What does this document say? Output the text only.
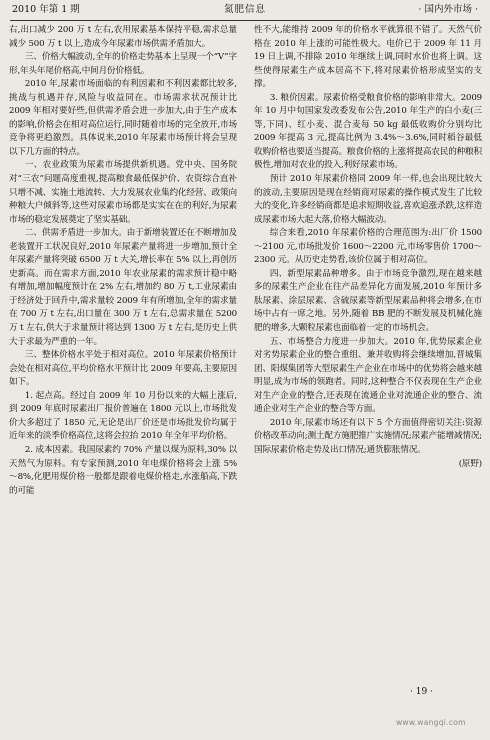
2010 年第 1 期	氮肥信息	· 国内外市场 ·

右,出口减少 200 万 t 左右,农用尿素基本保持平稳,需求总量减少 500 万 t 以上,造成今年尿素市场供需矛盾加大。

三、价格大幅波动,全年的价格走势基本上呈现一个“V”字形,年头年尾价格高,中间月份价格低。

2010 年,尿素市场面临的有利因素和不利因素都比较多,挑战与机遇并存,风险与收益同在。市场需求状况预计比 2009 年相对要好些,但供需矛盾会进一步加大,由于生产成本的影响,价格会在相对高位运行,同时随着市场的完全放开,市场竞争将更趋激烈。具体说来,2010 年尿素市场预计将会呈现以下几方面的特点。

一、农业政策为尿素市场提供新机遇。党中央、国务院对“三农”问题高度重视,提高粮食最低保护价、农资综合直补只增不减、实施土地流转、大力发展农业集约化经营、政策向种粮大户倾斜等,这些对尿素市场都是实实在在的利好,为尿素市场的稳定发展奠定了坚实基础。

二、供需矛盾进一步加大。由于新增装置还在不断增加及老装置开工状况良好,2010 年尿素产量将进一步增加,预计全年尿素产量将突破 6500 万 t 大关,增长率在 5% 以上,再创历史新高。而在需求方面,2010 年农业尿素的需求预计稳中略有增加,增加幅度预计在 2% 左右,增加约 80 万 t,工业尿素由于经济处于回升中,需求量较 2009 年有所增加,全年的需求量在 700 万 t 左右,出口量在 300 万 t 左右,总需求量在 5200 万 t 左右,供大于求量预计将达到 1300 万 t 左右,是历史上供大于求最为严重的一年。

三、整体价格水平处于相对高位。2010 年尿素价格预计会处在相对高位,平均价格水平预计比 2009 年要高,主要原因如下。

1. 起点高。经过自 2009 年 10 月份以来的大幅上涨后,到 2009 年底时尿素出厂报价普遍在 1800 元以上,市场批发价大多超过了 1850 元,无论是出厂价还是市场批发价均属于近年来的淡季价格高位,这将会拉抬 2010 年全年平均价格。

2. 成本因素。我国尿素约 70% 产量以煤为原料,30% 以天然气为原料。有专家预测,2010 年电煤价格将会上涨 5%～8%,化肥用煤价格一般都是跟着电煤价格走,水涨船高,下跌的可能

性不大,能维持 2009 年的价格水平就算很不错了。天然气价格在 2010 年上涨的可能性极大。电价已于 2009 年 11 月 19 日上调,不排除 2010 年继续上调,同时水价也将上调。这些使得尿素生产成本居高不下,将对尿素价格形成坚实的支撑。

3. 粮价因素。尿素价格受粮食价格的影响非常大。2009 年 10 月中旬国家发改委发布公告,2010 年生产的白小麦(三等,下同)、红小麦、混合麦每 50 kg 最低收购价分别均比 2009 年提高 3 元,提高比例为 3.4%～3.6%,同时稻谷最低收购价格也要适当提高。粮食价格的上涨将提高农民的种粮积极性,增加对农业的投入,利好尿素市场。

预计 2010 年尿素价格同 2009 年一样,也会出现比较大的波动,主要原因是现在经销商对尿素的操作模式发生了比较大的变化,许多经销商都是追求短期收益,喜欢追涨杀跌,这样造成尿素市场大起大落,价格大幅波动。

综合来看,2010 年尿素价格的合理范围为:出厂价 1500～2100 元,市场批发价 1600～2200 元,市场零售价 1700～2300 元。从历史走势看,该价位属于相对高位。

四、新型尿素品种增多。由于市场竞争激烈,现在越来越多的尿素生产企业在往产品差异化方面发展,2010 年预计多肽尿素、涂层尿素、含硫尿素等新型尿素品种将会增多,在市场中占有一席之地。另外,随着 BB 肥的不断发展及机械化施肥的增多,大颗粒尿素也面临着一定的市场机会。

五、市场整合力度进一步加大。2010 年,优势尿素企业对劣势尿素企业的整合重组、兼并收购将会继续增加,晋城集团、阳煤集团等大型尿素生产企业在市场中的优势将会越来越明显,成为市场的领跑者。同时,这种整合不仅表现在生产企业对生产企业的整合,还表现在流通企业对流通企业的整合、流通企业对生产企业的整合等方面。

2010 年,尿素市场还有以下 5 个方面值得密切关注:资源价格改革动向;测土配方施肥推广实施情况;尿素产能增减情况;国际尿素价格走势及出口情况;通货膨胀情况。

(原野)

· 19 ·
www.wangqi.com
